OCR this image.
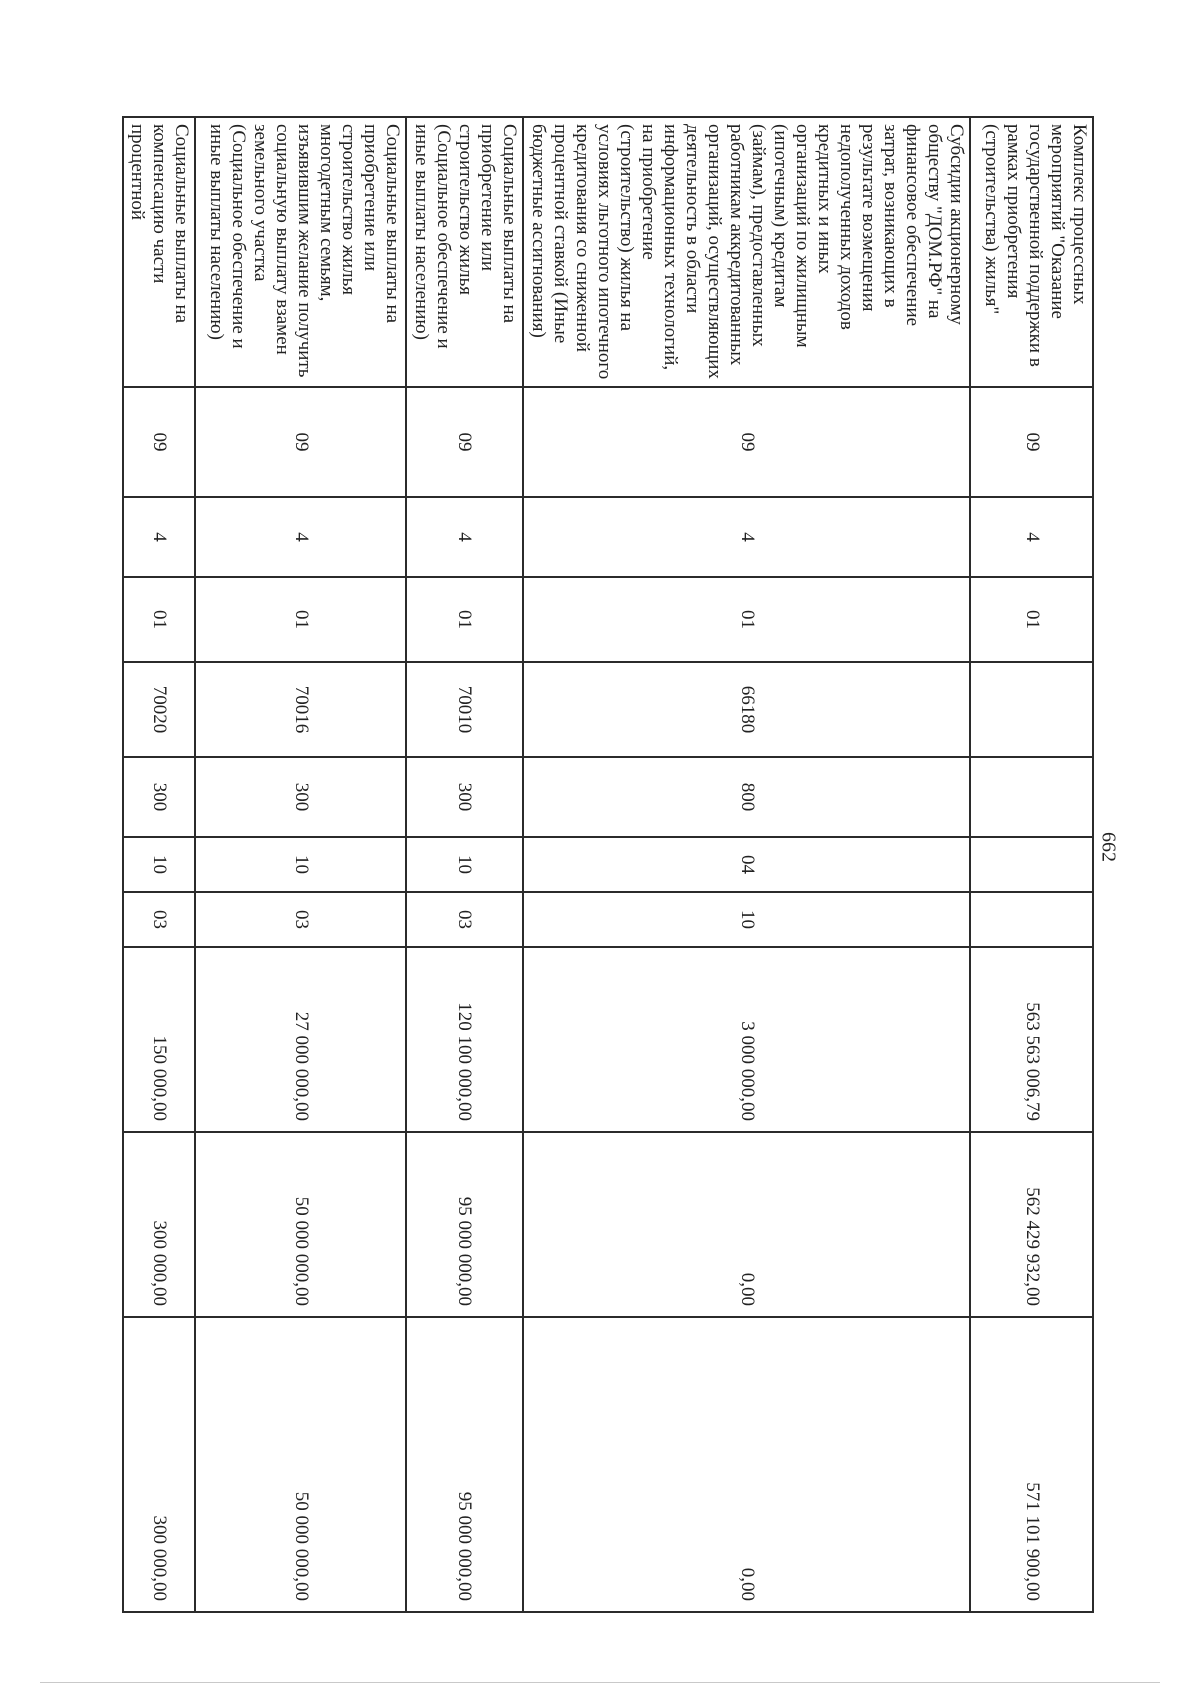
662
Комплекс процессных мероприятий "Оказание государственной поддержки в рамках приобретения (строительства) жилья"	09	4	01					563 563 006,79	562 429 932,00	571 101 900,00
Субсидии акционерному обществу "ДОМ.РФ" на финансовое обеспечение затрат, возникающих в результате возмещения недополученных доходов кредитных и иных организаций по жилищным (ипотечным) кредитам (займам), предоставленных работникам аккредитованных организаций, осуществляющих деятельность в области информационных технологий, на приобретение (строительство) жилья на условиях льготного ипотечного кредитования со сниженной процентной ставкой (Иные бюджетные ассигнования)	09	4	01	66180	800	04	10	3 000 000,00	0,00	0,00
Социальные выплаты на приобретение или строительство жилья (Социальное обеспечение и иные выплаты населению)	09	4	01	70010	300	10	03	120 100 000,00	95 000 000,00	95 000 000,00
Социальные выплаты на приобретение или строительство жилья многодетным семьям, изъявившим желание получить социальную выплату взамен земельного участка (Социальное обеспечение и иные выплаты населению)	09	4	01	70016	300	10	03	27 000 000,00	50 000 000,00	50 000 000,00
Социальные выплаты на компенсацию части процентной	09	4	01	70020	300	10	03	150 000,00	300 000,00	300 000,00
